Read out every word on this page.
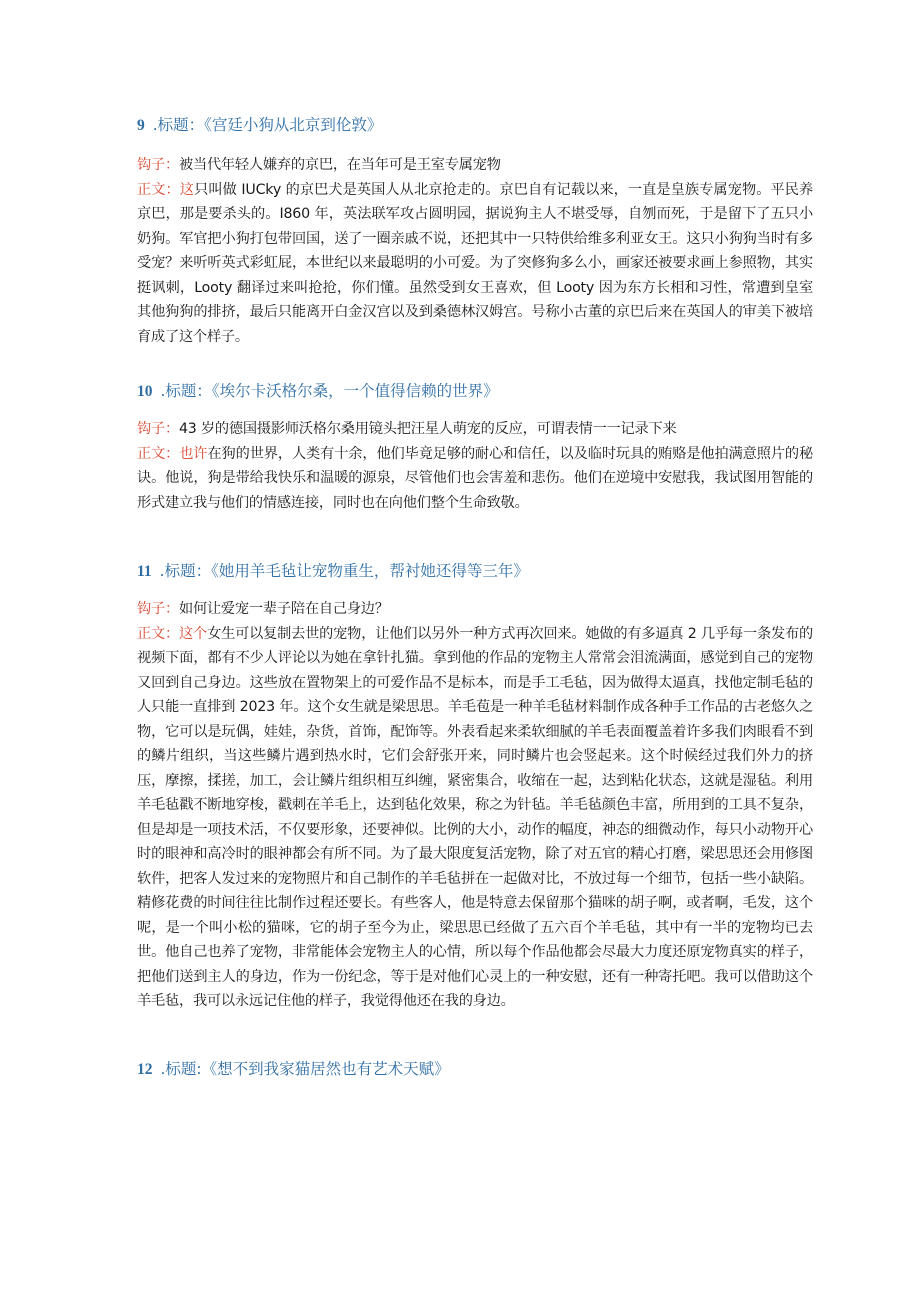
9 .标题：《宫廷小狗从北京到伦敦》

钩子：被当代年轻人嫌弃的京巴，在当年可是王室专属宠物

正文：这只叫做 IUCky 的京巴犬是英国人从北京抢走的。京巴自有记载以来，一直是皇族专属宠物。平民养京巴，那是要杀头的。I860 年，英法联军攻占圆明园，据说狗主人不堪受辱，自刎而死，于是留下了五只小奶狗。军官把小狗打包带回国，送了一圈亲戚不说，还把其中一只特供给维多利亚女王。这只小狗狗当时有多受宠？来听听英式彩虹屁，本世纪以来最聪明的小可爱。为了突修狗多么小，画家还被要求画上参照物，其实挺讽刺，Looty 翻译过来叫抢抢，你们懂。虽然受到女王喜欢，但 Looty 因为东方长相和习性，常遭到皇室其他狗狗的排挤，最后只能离开白金汉宫以及到桑德林汉姆宫。号称小古董的京巴后来在英国人的审美下被培育成了这个样子。

10 .标题：《埃尔卡沃格尔桑，一个值得信赖的世界》

钩子：43 岁的德国摄影师沃格尔桑用镜头把汪星人萌宠的反应，可谓表情一一记录下来

正文：也许在狗的世界，人类有十余，他们毕竟足够的耐心和信任，以及临时玩具的贿赂是他拍满意照片的秘诀。他说，狗是带给我快乐和温暖的源泉，尽管他们也会害羞和悲伤。他们在逆境中安慰我，我试图用智能的形式建立我与他们的情感连接，同时也在向他们整个生命致敬。

11 .标题：《她用羊毛毡让宠物重生，帮衬她还得等三年》

钩子：如何让爱宠一辈子陪在自己身边？

正文：这个女生可以复制去世的宠物，让他们以另外一种方式再次回来。她做的有多逼真 2 几乎每一条发布的视频下面，都有不少人评论以为她在拿针扎猫。拿到他的作品的宠物主人常常会泪流满面，感觉到自己的宠物又回到自己身边。这些放在置物架上的可爱作品不是标本，而是手工毛毡，因为做得太逼真，找他定制毛毡的人只能一直排到 2023 年。这个女生就是梁思思。羊毛苞是一种羊毛毡材料制作成各种手工作品的古老悠久之物，它可以是玩偶，娃娃，杂货，首饰，配饰等。外表看起来柔软细腻的羊毛表面覆盖着许多我们肉眼看不到的鳞片组织，当这些鳞片遇到热水时，它们会舒张开来，同时鳞片也会竖起来。这个时候经过我们外力的挤压，摩擦，揉搓，加工，会让鳞片组织相互纠缠，紧密集合，收缩在一起，达到粘化状态，这就是湿毡。利用羊毛毡戳不断地穿梭，戳刺在羊毛上，达到毡化效果，称之为针毡。羊毛毡颜色丰富，所用到的工具不复杂，但是却是一项技术活，不仅要形象，还要神似。比例的大小，动作的幅度，神态的细微动作，每只小动物开心时的眼神和高冷时的眼神都会有所不同。为了最大限度复活宠物，除了对五官的精心打磨，梁思思还会用修图软件，把客人发过来的宠物照片和自己制作的羊毛毡拼在一起做对比，不放过每一个细节，包括一些小缺陷。精修花费的时间往往比制作过程还要长。有些客人，他是特意去保留那个猫咪的胡子啊，或者啊，毛发，这个呢，是一个叫小松的猫咪，它的胡子至今为止，梁思思已经做了五六百个羊毛毡，其中有一半的宠物均已去世。他自己也养了宠物，非常能体会宠物主人的心情，所以每个作品他都会尽最大力度还原宠物真实的样子，把他们送到主人的身边，作为一份纪念，等于是对他们心灵上的一种安慰，还有一种寄托吧。我可以借助这个羊毛毡，我可以永远记住他的样子，我觉得他还在我的身边。

12 .标题:《想不到我家猫居然也有艺术天赋》
